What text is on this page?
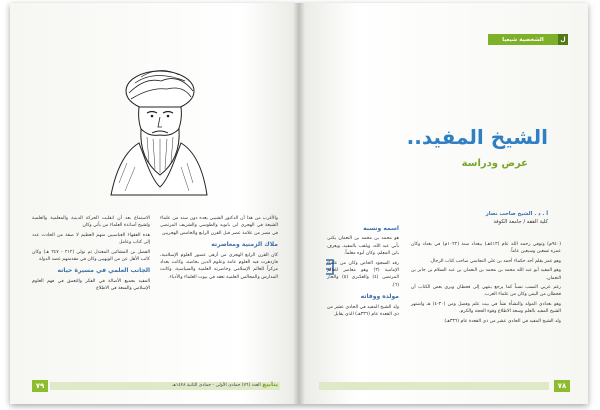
الاستماع بعد أن انقلبت الحركة الدينية والمعلمية والعلمية ولشيخ أساتذة العلماء من يأتي وكان

هذه الفقهاء العباسيين منهم العظيم لا صفة من الحادث عدد إلى كتاب وعامل

الفضل بن المشائين المعتدل ثم تولى (٢١٢ - ٢٤٧ هـ) وكان كاتب الأهل عن من الويهيين وكان في مقدمتهم عضد الدولة

الجانب العلمي في مسيرة حياته

المفيد بجميع الأصالة في الفكر والتعمق في فهم العلوم الإسلامي والسعة في الاطلاع

والأغرب من هذا أن الدكتور الشيبي يعده دون سند من علماء الشيعة في الهجري ابن بابويه والطوسي والشريف المرتضى في مصر من علامة عصر قبل القرن الرابع والخامس الهجريين

ملاك الزمنية ومعاصرته

كان القرن الرابع الهجري من أزهى عصور العلوم الإسلامية، فازدهرت فيه العلوم عامة وعلوم الدين بخاصة، وكانت بغداد مركزاً للعالم الإسلامي وحاضرته العلمية والسياسية، وكانت المدارس والمجالس العلمية تعقد في بيوت العلماء والأدباء.

٧٩	ينابيع العدد (٧٦) جمادى الأولى - جمادى الثانية ١٤٢٨هـ
الشخصية شيعيا	ل
الشيخ المفيد..
عرض ودراسة
أ . د . الشيخ صاحب نصار
كلية الفقه / جامعة الكوفة

(٩٤٠م) وتوفي رحمه الله عام (٤١٣هـ) ببغداد سنة (١٠٢٢م) في بغداد وكان عمره تسعين وسبعين عاماً.

وهو عمر بقلم أحد حكماء أحمد بن علي النجاشي صاحب كتاب الرجال.

وهو المفيد أبو عبد الله محمد بن محمد بن النعمان بن عبد السلام بن جابر بن النعمان.

رغم عربي النسب نسباً كما يرجع ينتهي إلى قحطان ويرى بعض الكتاب أن قحطان من اليمن وكان من علماء العرب.

وهو بغدادي المولد والنشأة نشأ في بيت علم وفضل ومن (٣٠-٤) هـ واشتهر الشيخ المفيد بالعلم وسعة الاطلاع وقوة الحجة والكرم.

ولد الشيخ المفيد في الحادي عشر من ذي القعدة عام (٣٣٦هـ)

اسمه ونسبه

هو محمد بن محمد بن النعمان يكنى بأبي عبد الله، ويلقب بالمفيد، ويعرف بابن المعلم، وكان أبوه معلماً.

رقد السجود الخاص وكان من علماء الإمامية (٣) وهو معاصر للعالم المرتضى (٤) والعكبري (٥) والجار (٦).

مولده ووفاته

ولد الشيخ المفيد في الحادي عشر من ذي القعدة عام (٣٣٦هـ) الذي يقابل

٧٨
